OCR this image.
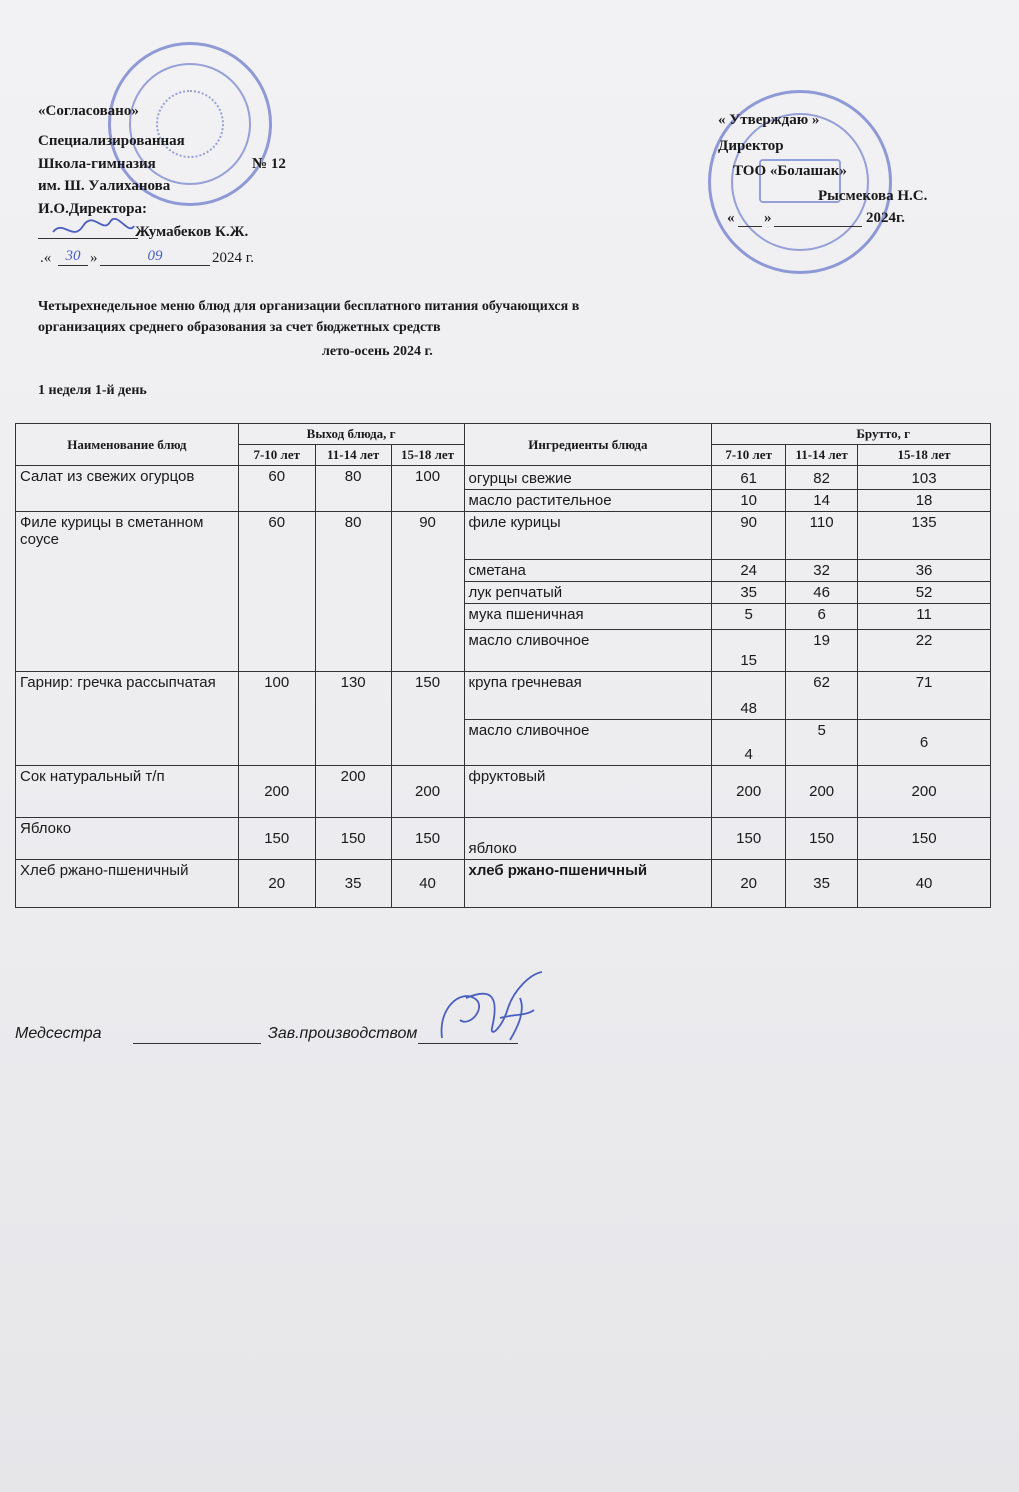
«Согласовано»
Специализированная
Школа-гимназия	№ 12
им. Ш. Уалиханова
И.О.Директора:
Жумабеков К.Ж.
.« 30 »	09	2024 г.
« Утверждаю »
Директор
ТОО «Болашак»
Рысмекова Н.С.
« »	2024г.
Четырехнедельное меню блюд для организации бесплатного питания обучающихся в
организациях среднего образования за счет бюджетных средств
лето-осень 2024 г.
1 неделя 1-й день
Наименование блюд	Выход блюда, г			Ингредиенты блюда	Брутто, г		
	7-10 лет	11-14 лет	15-18 лет		7-10 лет	11-14 лет	15-18 лет
Салат из свежих огурцов	60	80	100	огурцы свежие	61	82	103
				масло растительное	10	14	18
Филе курицы в сметанном соусе	60	80	90	филе курицы	90	110	135
				сметана	24	32	36
				лук репчатый	35	46	52
				мука пшеничная	5	6	11
				масло сливочное	15	19	22
Гарнир: гречка рассыпчатая	100	130	150	крупа гречневая	48	62	71
				масло сливочное	4	5	6
Сок натуральный т/п	200	200	200	фруктовый	200	200	200
Яблоко	150	150	150	яблоко	150	150	150
Хлеб ржано-пшеничный	20	35	40	хлеб ржано-пшеничный	20	35	40
Медсестра	Зав.производством
